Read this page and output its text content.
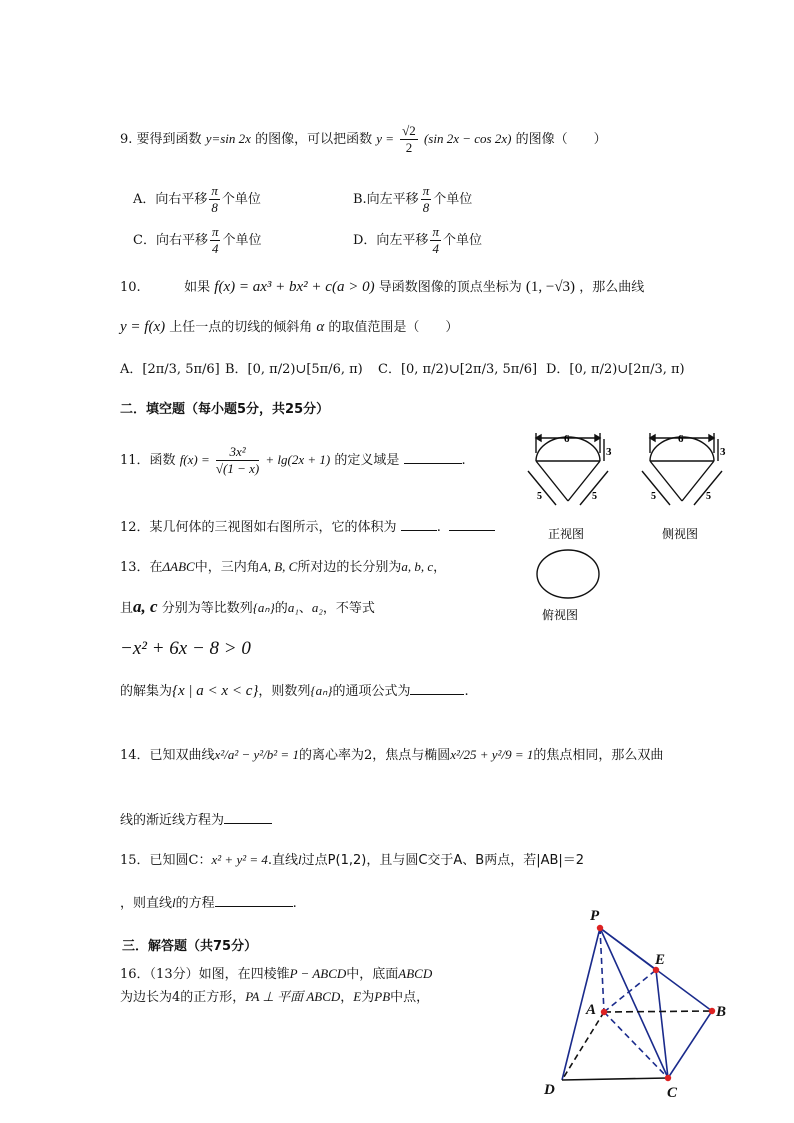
9. 要得到函数 y=sin 2x 的图像，可以把函数 $y = \frac{√2}{2} (\sin$ 2x − cos 2x) 的图像（　　）
A．向右平移 $\frac{\pi}{8}$ 个单位	B.向左平移 $\frac{\pi}{8}$ 个单位
C．向右平移 $\frac{\pi}{4}$ 个单位	D．向左平移 $\frac{\pi}{4}$ 个单位
10.	如果 f(x) = ax³ + bx² + c(a > 0) 导函数图像的顶点坐标为 (1, −√3) ，那么曲线
y = f(x) 上任一点的切线的倾斜角 α 的取值范围是（　　）
A．[2π/3, 5π/6] B．[0, π/2)∪[5π/6, π) C．[0, π/2)∪[2π/3, 5π/6] D．[0, π/2)∪[2π/3, π)
二．填空题（每小题5分，共25分）
11．函数 $f(x) = \frac{\text{3x²}}{√(1 - x)} + \lg(2x + 1)$ 的定义域是	.
12．某几何体的三视图如右图所示，它的体积为	.
13．在ΔABC中，三内角A, B, C所对边的长分别为a, b, c，
且a, c 分别为等比数列{aₙ}的a₁、a₂，不等式
−x² + 6x − 8 > 0
的解集为{x | a < x < c}，则数列{aₙ}的通项公式为	.
14．已知双曲线x²/a² − y²/b² = 1的离心率为2，焦点与椭圆x²/25 + y²/9 = 1的焦点相同，那么双曲
线的渐近线方程为
15．已知圆C：x² + y² = 4.直线l过点P(1,2)，且与圆C交于A、B两点，若|AB|＝2
，则直线l的方程	.
三．解答题（共75分）
16．（13分）如图，在四棱锥P − ABCD中，底面ABCD
为边长为4的正方形，PA ⊥ 平面 ABCD，E为PB中点，
6
3
5	5
正视图
6
3
5	5
侧视图
俯视图
P
E
A	B
C
D
